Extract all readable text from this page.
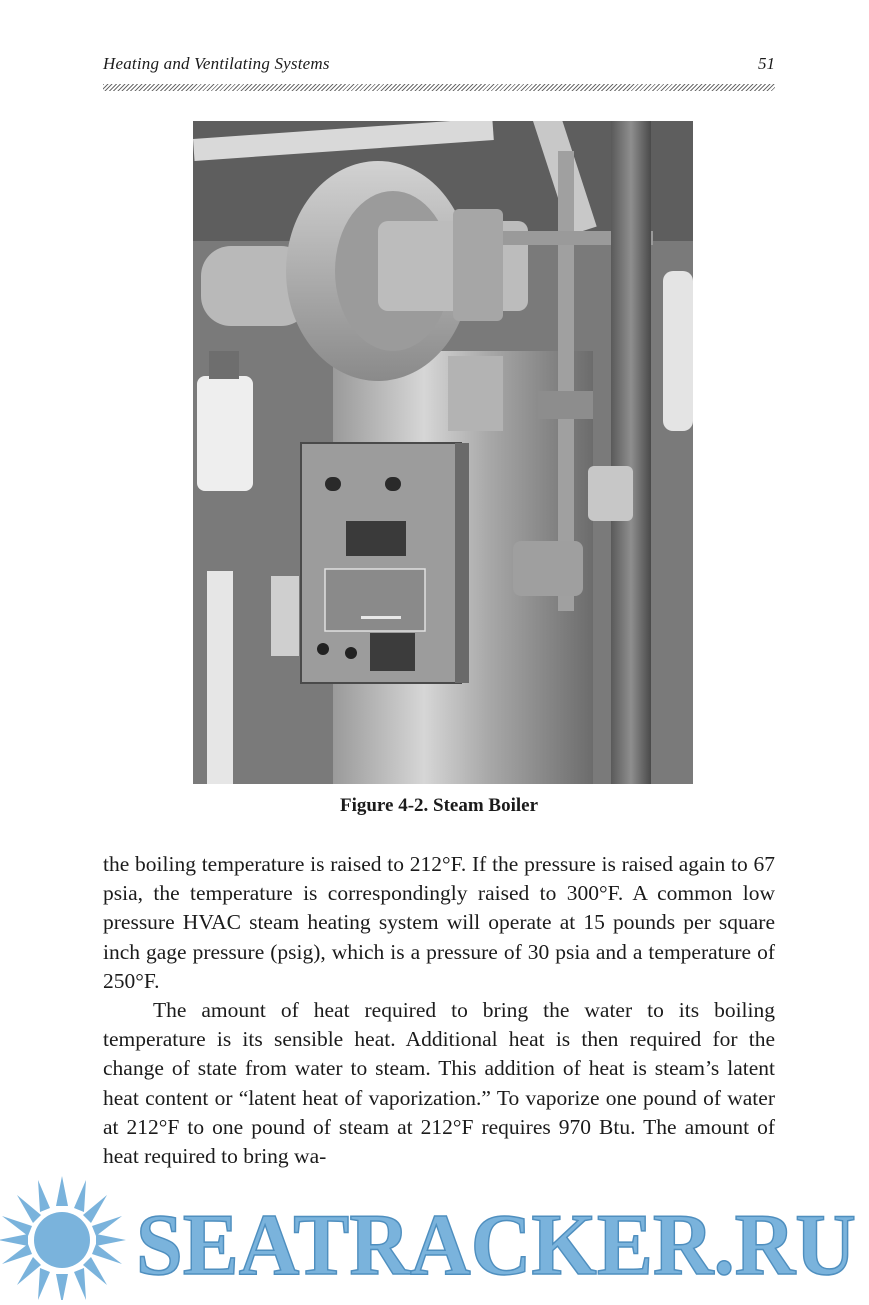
Heating and Ventilating Systems	51
Figure 4-2. Steam Boiler

the boiling temperature is raised to 212°F. If the pressure is raised again to 67 psia, the temperature is correspondingly raised to 300°F. A common low pressure HVAC steam heating system will operate at 15 pounds per square inch gage pressure (psig), which is a pressure of 30 psia and a temperature of 250°F.

The amount of heat required to bring the water to its boiling temperature is its sensible heat. Additional heat is then required for the change of state from water to steam. This addition of heat is steam’s latent heat content or “latent heat of vaporization.” To vaporize one pound of water at 212°F to one pound of steam at 212°F requires 970 Btu. The amount of heat required to bring wa-

SEATRACKER.RU
